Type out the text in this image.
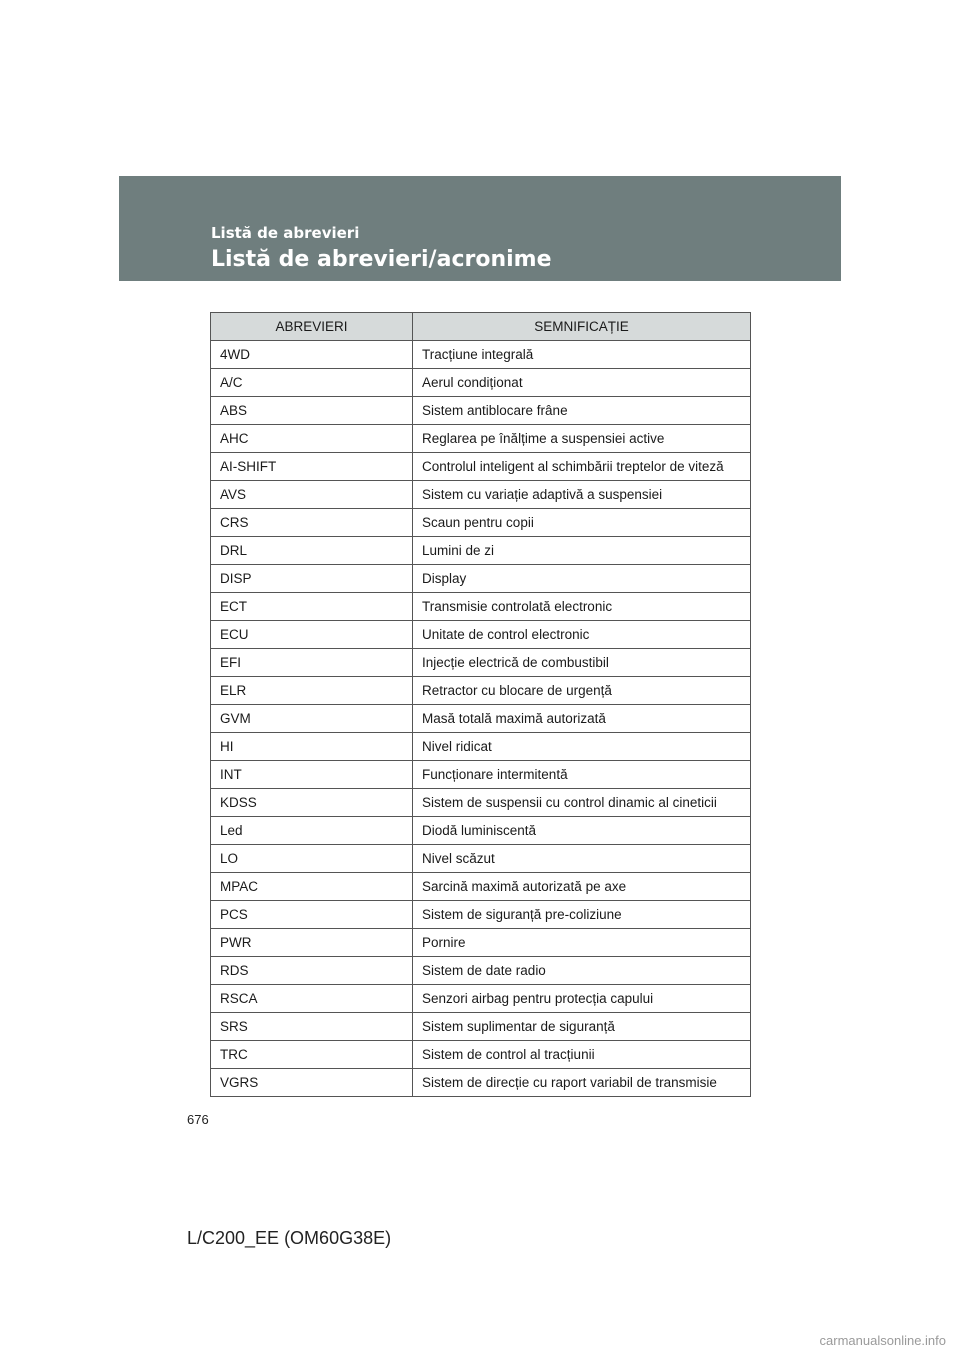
Listă de abrevieri

Listă de abrevieri/acronime
ABREVIERI	SEMNIFICAȚIE
4WD	Tracțiune integrală
A/C	Aerul condiționat
ABS	Sistem antiblocare frâne
AHC	Reglarea pe înălțime a suspensiei active
AI-SHIFT	Controlul inteligent al schimbării treptelor de viteză
AVS	Sistem cu variație adaptivă a suspensiei
CRS	Scaun pentru copii
DRL	Lumini de zi
DISP	Display
ECT	Transmisie controlată electronic
ECU	Unitate de control electronic
EFI	Injecție electrică de combustibil
ELR	Retractor cu blocare de urgență
GVM	Masă totală maximă autorizată
HI	Nivel ridicat
INT	Funcționare intermitentă
KDSS	Sistem de suspensii cu control dinamic al cineticii
Led	Diodă luminiscentă
LO	Nivel scăzut
MPAC	Sarcină maximă autorizată pe axe
PCS	Sistem de siguranță pre-coliziune
PWR	Pornire
RDS	Sistem de date radio
RSCA	Senzori airbag pentru protecția capului
SRS	Sistem suplimentar de siguranță
TRC	Sistem de control al tracțiunii
VGRS	Sistem de direcție cu raport variabil de transmisie
676
L/C200_EE (OM60G38E)
carmanualsonline.info
